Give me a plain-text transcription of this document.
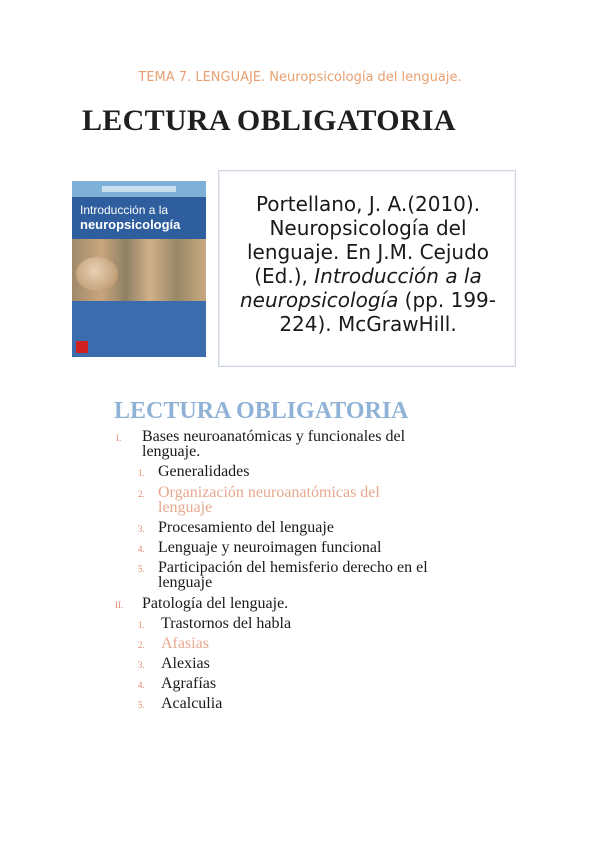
TEMA 7. LENGUAJE. Neuropsicología del lenguaje.
LECTURA OBLIGATORIA
Introducción a la
neuropsicología
Portellano, J. A.(2010). Neuropsicología del lenguaje. En J.M. Cejudo (Ed.), Introducción a la neuropsicología (pp. 199-224). McGrawHill.
LECTURA OBLIGATORIA
I. Bases neuroanatómicas y funcionales del
lenguaje.
1. Generalidades
2. Organización neuroanatómicas del
lenguaje
3. Procesamiento del lenguaje
4. Lenguaje y neuroimagen funcional
5. Participación del hemisferio derecho en el
lenguaje
II. Patología del lenguaje.
1. Trastornos del habla
2. Afasias
3. Alexias
4. Agrafías
5. Acalculia
